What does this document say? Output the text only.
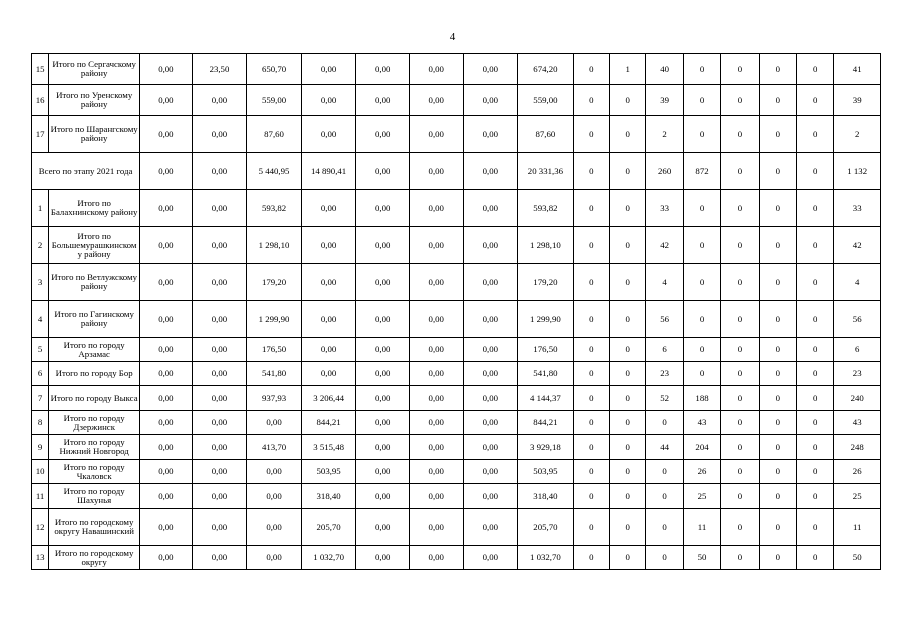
4
15	Итого по Сергачскому району	0,00	23,50	650,70	0,00	0,00	0,00	0,00	674,20	0	1	40	0	0	0	0	41
16	Итого по Уренскому району	0,00	0,00	559,00	0,00	0,00	0,00	0,00	559,00	0	0	39	0	0	0	0	39
17	Итого по Шарангскому району	0,00	0,00	87,60	0,00	0,00	0,00	0,00	87,60	0	0	2	0	0	0	0	2
Всего по этапу 2021 года		0,00	0,00	5 440,95	14 890,41	0,00	0,00	0,00	20 331,36	0	0	260	872	0	0	0	1 132
1	Итого по Балахнинскому району	0,00	0,00	593,82	0,00	0,00	0,00	0,00	593,82	0	0	33	0	0	0	0	33
2	Итого по Большемурашкинскому району	0,00	0,00	1 298,10	0,00	0,00	0,00	0,00	1 298,10	0	0	42	0	0	0	0	42
3	Итого по Ветлужскому району	0,00	0,00	179,20	0,00	0,00	0,00	0,00	179,20	0	0	4	0	0	0	0	4
4	Итого по Гагинскому району	0,00	0,00	1 299,90	0,00	0,00	0,00	0,00	1 299,90	0	0	56	0	0	0	0	56
5	Итого по городу Арзамас	0,00	0,00	176,50	0,00	0,00	0,00	0,00	176,50	0	0	6	0	0	0	0	6
6	Итого по городу Бор	0,00	0,00	541,80	0,00	0,00	0,00	0,00	541,80	0	0	23	0	0	0	0	23
7	Итого по городу Выкса	0,00	0,00	937,93	3 206,44	0,00	0,00	0,00	4 144,37	0	0	52	188	0	0	0	240
8	Итого по городу Дзержинск	0,00	0,00	0,00	844,21	0,00	0,00	0,00	844,21	0	0	0	43	0	0	0	43
9	Итого по городу Нижний Новгород	0,00	0,00	413,70	3 515,48	0,00	0,00	0,00	3 929,18	0	0	44	204	0	0	0	248
10	Итого по городу Чкаловск	0,00	0,00	0,00	503,95	0,00	0,00	0,00	503,95	0	0	0	26	0	0	0	26
11	Итого по городу Шахунья	0,00	0,00	0,00	318,40	0,00	0,00	0,00	318,40	0	0	0	25	0	0	0	25
12	Итого по городскому округу Навашинский	0,00	0,00	0,00	205,70	0,00	0,00	0,00	205,70	0	0	0	11	0	0	0	11
13	Итого по городскому округу	0,00	0,00	0,00	1 032,70	0,00	0,00	0,00	1 032,70	0	0	0	50	0	0	0	50
